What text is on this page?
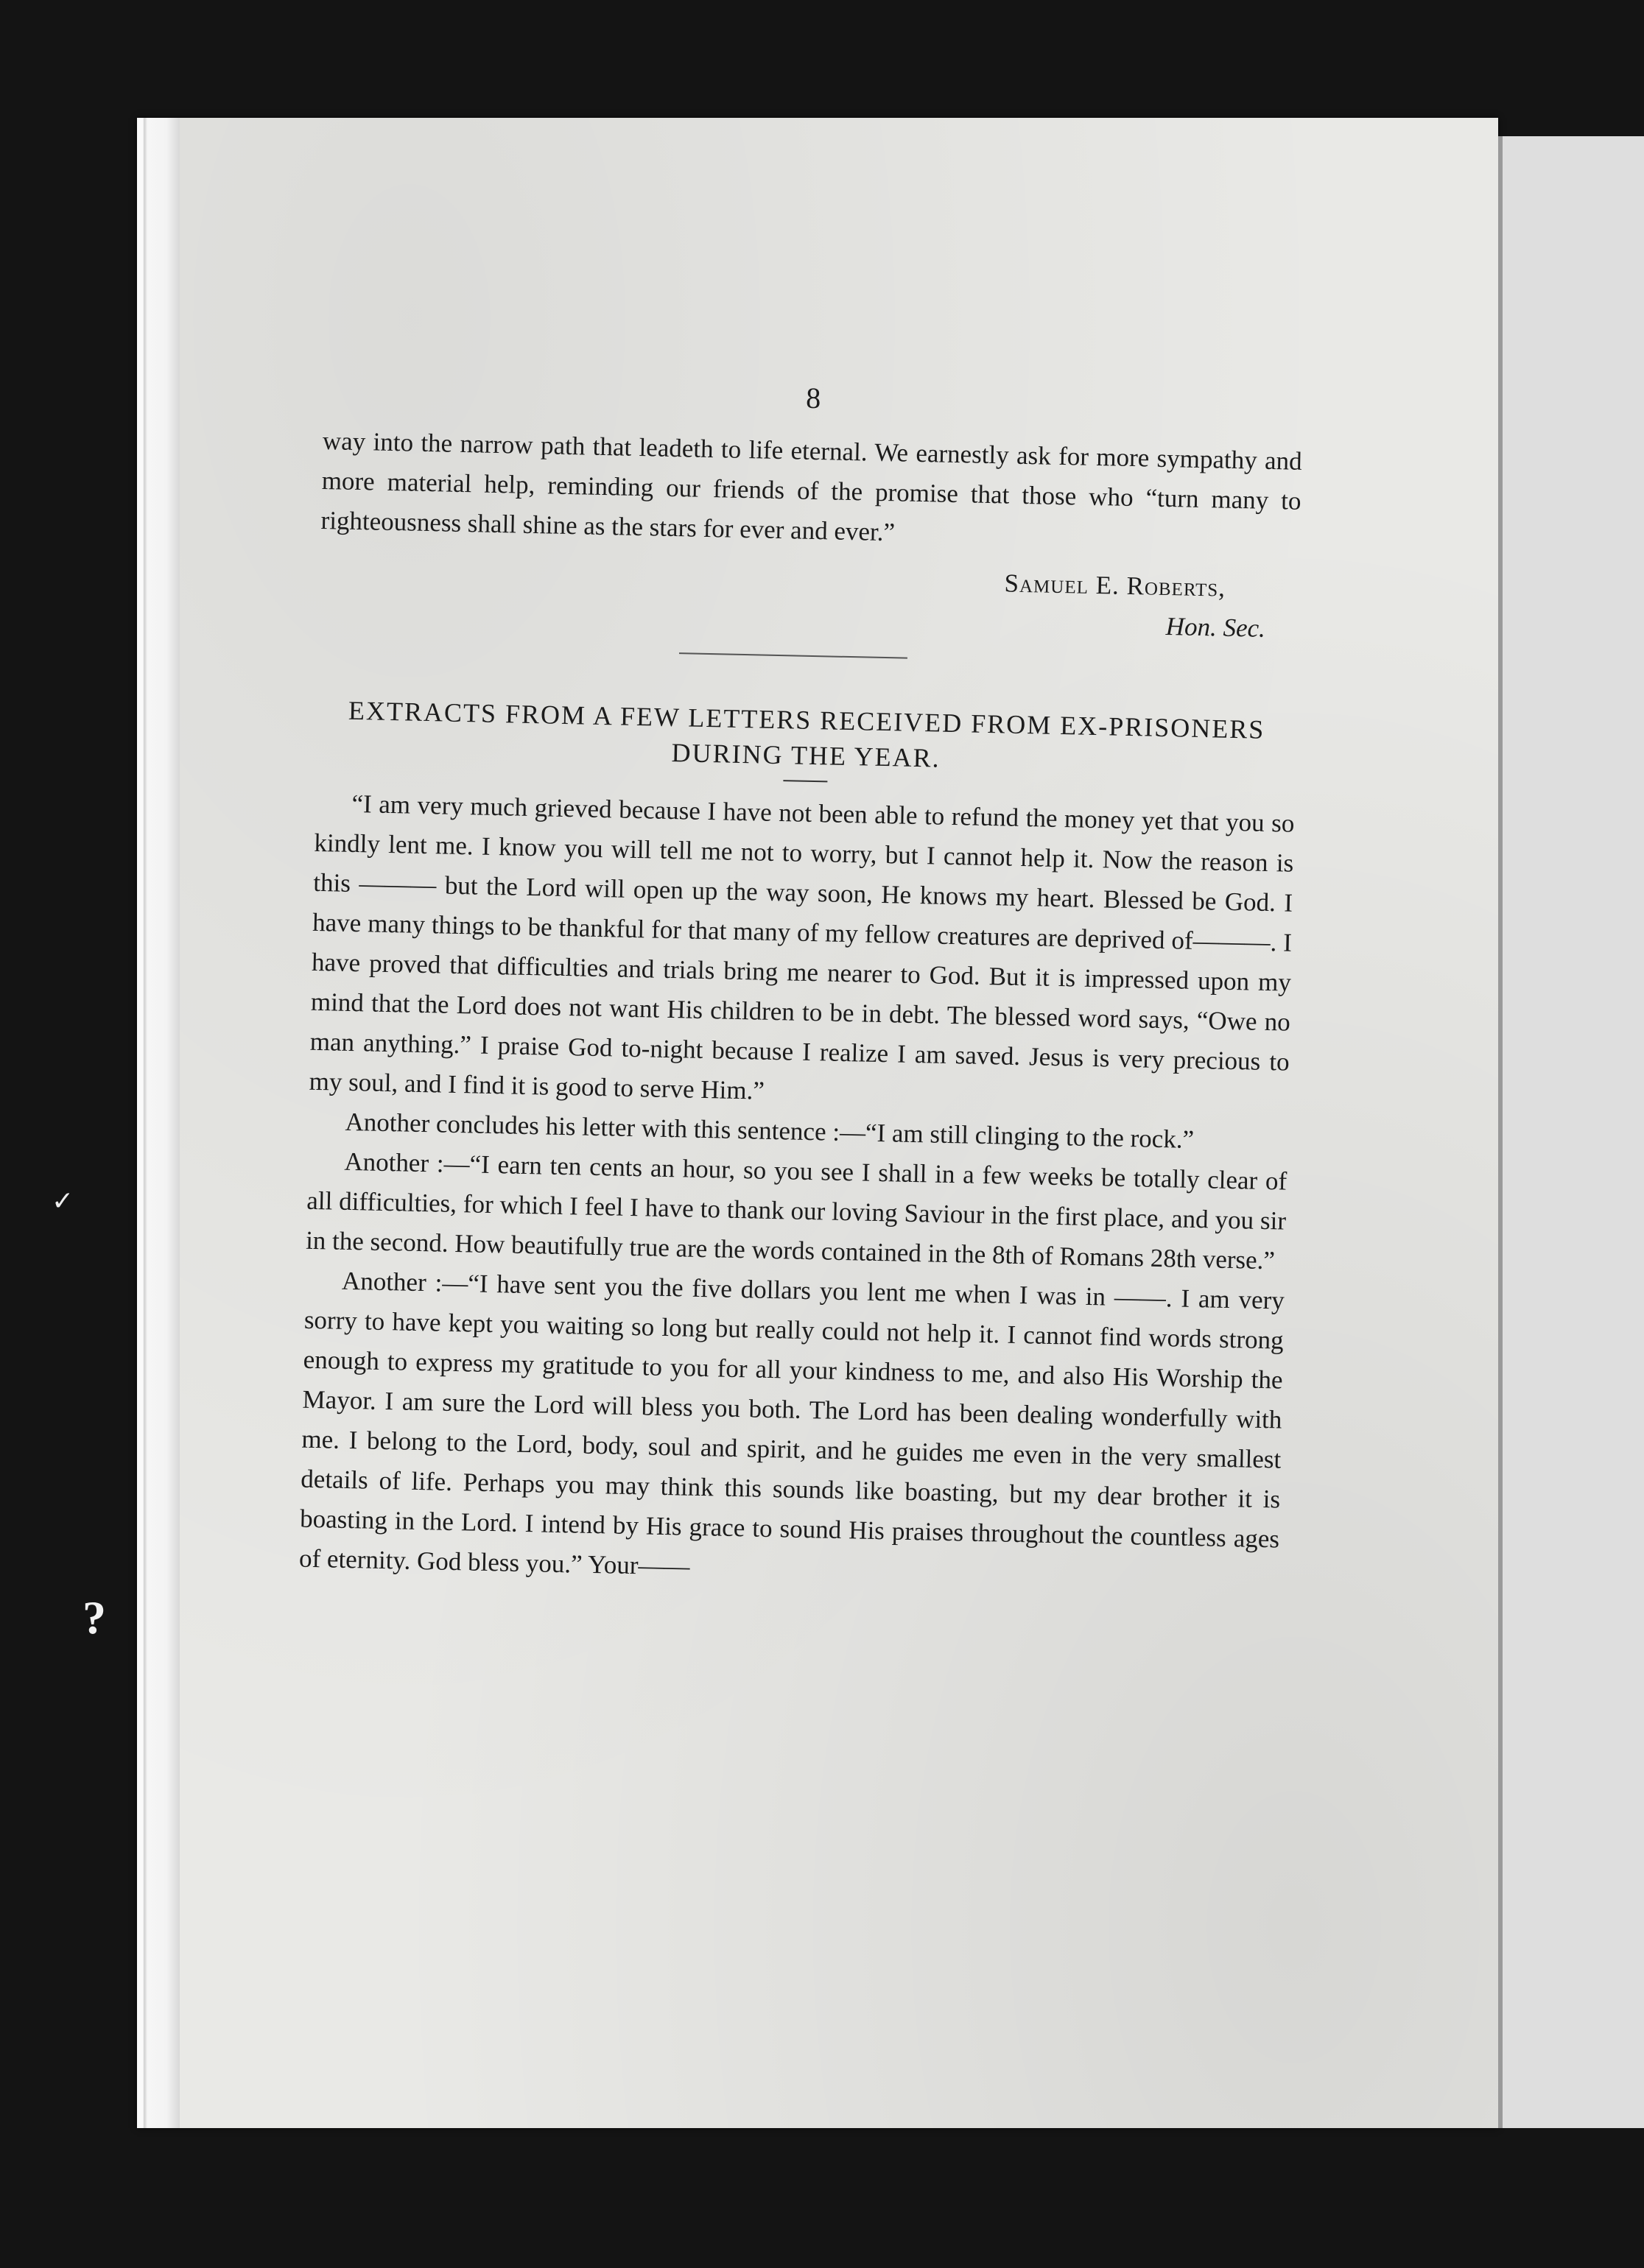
8

way into the narrow path that leadeth to life eternal. We earnestly ask for more sympathy and more material help, reminding our friends of the promise that those who “turn many to righteousness shall shine as the stars for ever and ever.”

Samuel E. Roberts,
Hon. Sec.
EXTRACTS FROM A FEW LETTERS RECEIVED FROM EX-PRISONERS DURING THE YEAR.

“I am very much grieved because I have not been able to refund the money yet that you so kindly lent me. I know you will tell me not to worry, but I cannot help it. Now the reason is this ——— but the Lord will open up the way soon, He knows my heart. Blessed be God. I have many things to be thankful for that many of my fellow creatures are deprived of———. I have proved that difficulties and trials bring me nearer to God. But it is impressed upon my mind that the Lord does not want His children to be in debt. The blessed word says, “Owe no man anything.” I praise God to-night because I realize I am saved. Jesus is very precious to my soul, and I find it is good to serve Him.”

Another concludes his letter with this sentence :—“I am still clinging to the rock.”

Another :—“I earn ten cents an hour, so you see I shall in a few weeks be totally clear of all difficulties, for which I feel I have to thank our loving Saviour in the first place, and you sir in the second. How beautifully true are the words contained in the 8th of Romans 28th verse.”

Another :—“I have sent you the five dollars you lent me when I was in ——. I am very sorry to have kept you waiting so long but really could not help it. I cannot find words strong enough to express my gratitude to you for all your kindness to me, and also His Worship the Mayor. I am sure the Lord will bless you both. The Lord has been dealing wonderfully with me. I belong to the Lord, body, soul and spirit, and he guides me even in the very smallest details of life. Perhaps you may think this sounds like boasting, but my dear brother it is boasting in the Lord. I intend by His grace to sound His praises throughout the countless ages of eternity. God bless you.” Your——

✓
?
